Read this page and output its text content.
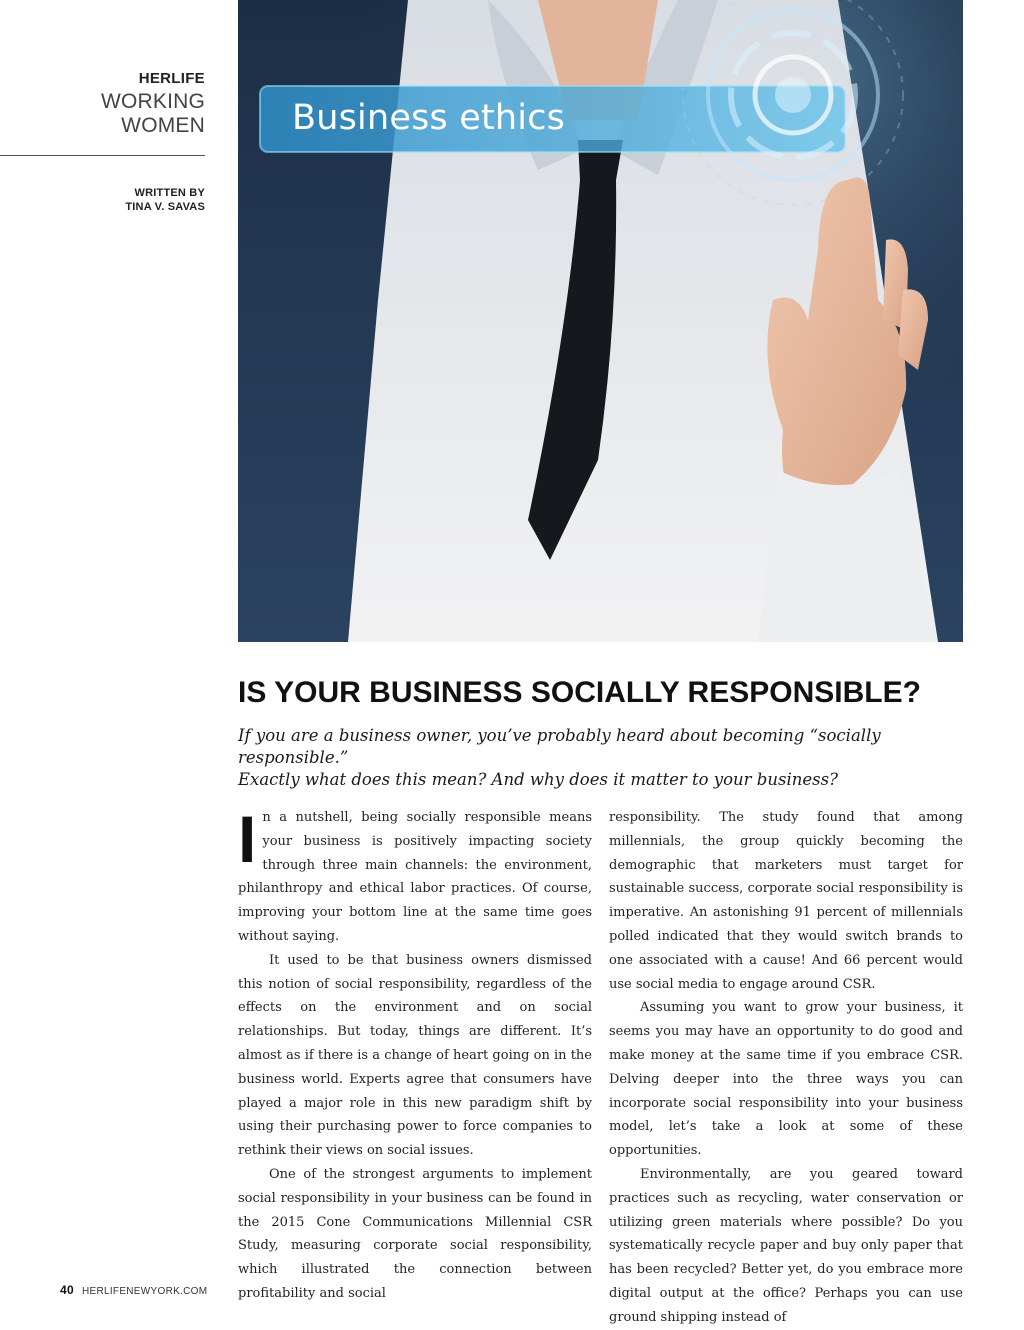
HERLIFE
WORKING
WOMEN
WRITTEN BY
TINA V. SAVAS
Business ethics
IS YOUR BUSINESS SOCIALLY RESPONSIBLE?
If you are a business owner, you’ve probably heard about becoming “socially responsible.”
Exactly what does this mean? And why does it matter to your business?

In a nutshell, being socially responsible means your business is positively impacting society through three main channels: the environment, philanthropy and ethical labor practices. Of course, improving your bottom line at the same time goes without saying.

It used to be that business owners dismissed this notion of social responsibility, regardless of the effects on the environment and on social relationships. But today, things are different. It’s almost as if there is a change of heart going on in the business world. Experts agree that consumers have played a major role in this new paradigm shift by using their purchasing power to force companies to rethink their views on social issues.

One of the strongest arguments to implement social responsibility in your business can be found in the 2015 Cone Communications Millennial CSR Study, measuring corporate social responsibility, which illustrated the connection between profitability and social

responsibility. The study found that among millennials, the group quickly becoming the demographic that marketers must target for sustainable success, corporate social responsibility is imperative. An astonishing 91 percent of millennials polled indicated that they would switch brands to one associated with a cause! And 66 percent would use social media to engage around CSR.

Assuming you want to grow your business, it seems you may have an opportunity to do good and make money at the same time if you embrace CSR. Delving deeper into the three ways you can incorporate social responsibility into your business model, let’s take a look at some of these opportunities.

Environmentally, are you geared toward practices such as recycling, water conservation or utilizing green materials where possible? Do you systematically recycle paper and buy only paper that has been recycled? Better yet, do you embrace more digital output at the office? Perhaps you can use ground shipping instead of

40 HERLIFENEWYORK.COM
